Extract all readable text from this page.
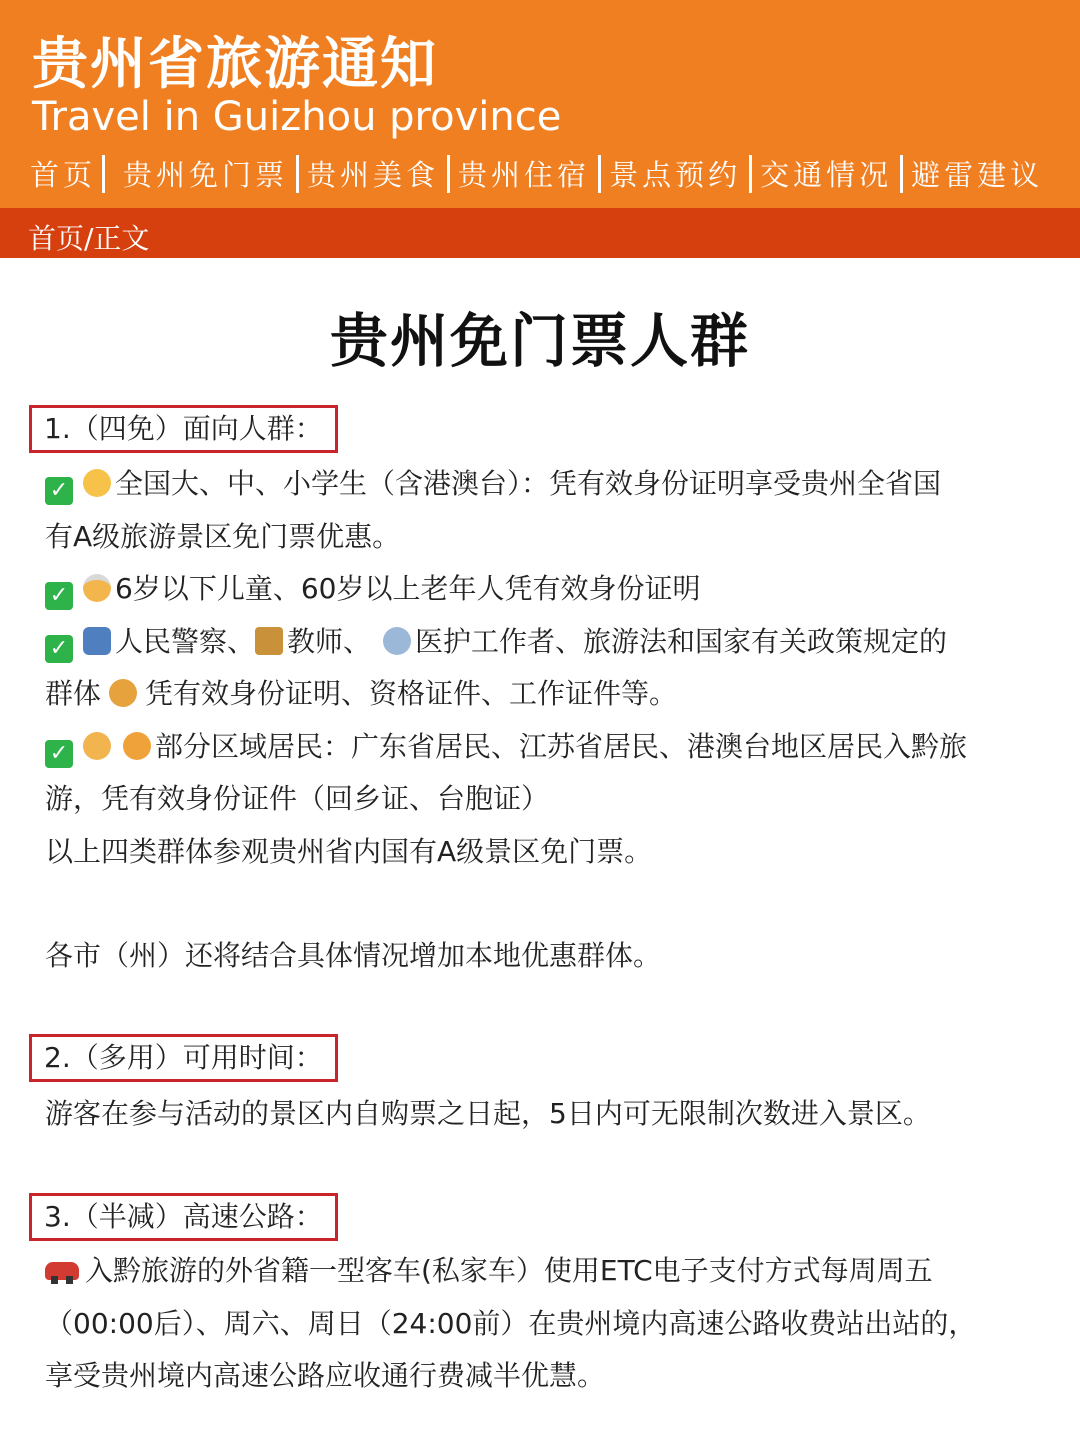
贵州省旅游通知
Travel in Guizhou province
首页 贵州免门票 贵州美食 贵州住宿 景点预约 交通情况 避雷建议
首页/正文
贵州免门票人群
1.（四免）面向人群：
✓ 全国大、中、小学生（含港澳台）：凭有效身份证明享受贵州全省国
有A级旅游景区免门票优惠。
✓ 6岁以下儿童、60岁以上老年人凭有效身份证明
✓ 人民警察、 教师、 医护工作者、旅游法和国家有关政策规定的
群体 凭有效身份证明、资格证件、工作证件等。
✓	部分区域居民：广东省居民、江苏省居民、港澳台地区居民入黔旅
游，凭有效身份证件（回乡证、台胞证）
以上四类群体参观贵州省内国有A级景区免门票。
各市（州）还将结合具体情况增加本地优惠群体。
2.（多用）可用时间：
游客在参与活动的景区内自购票之日起，5日内可无限制次数进入景区。
3.（半减）高速公路：
入黔旅游的外省籍一型客车(私家车）使用ETC电子支付方式每周周五
（00:00后）、周六、周日（24:00前）在贵州境内高速公路收费站出站的，
享受贵州境内高速公路应收通行费减半优慧。
